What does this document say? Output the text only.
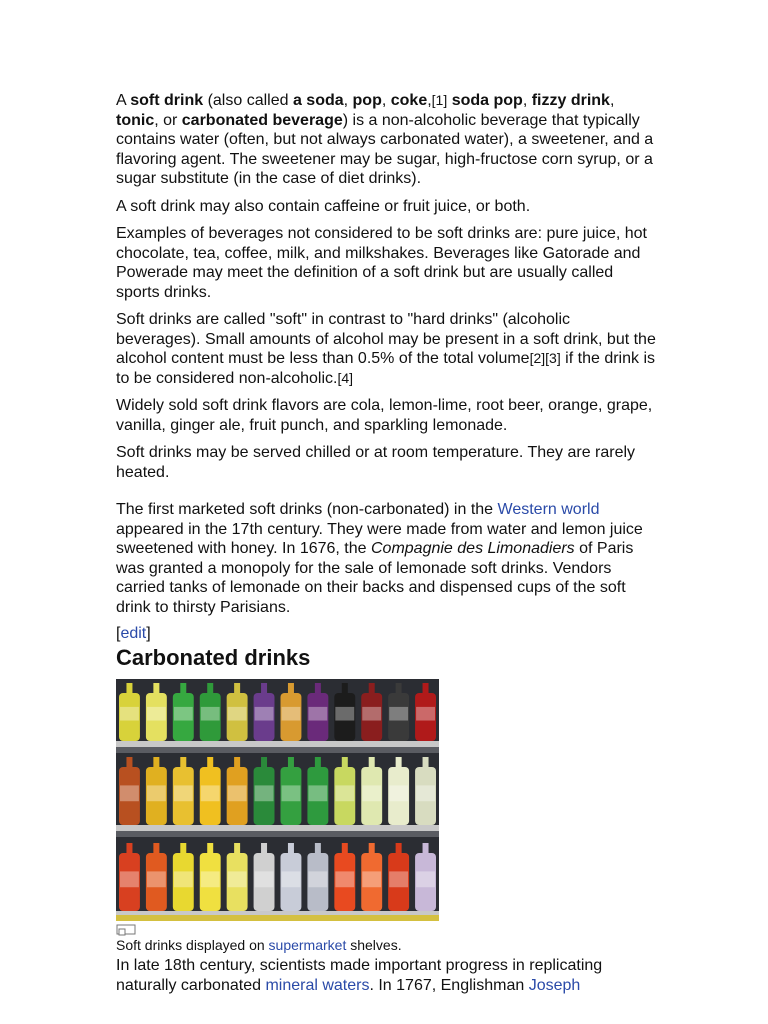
A soft drink (also called a soda, pop, coke,[1] soda pop, fizzy drink, tonic, or carbonated beverage) is a non-alcoholic beverage that typically contains water (often, but not always carbonated water), a sweetener, and a flavoring agent. The sweetener may be sugar, high-fructose corn syrup, or a sugar substitute (in the case of diet drinks).

A soft drink may also contain caffeine or fruit juice, or both.

Examples of beverages not considered to be soft drinks are: pure juice, hot chocolate, tea, coffee, milk, and milkshakes. Beverages like Gatorade and Powerade may meet the definition of a soft drink but are usually called sports drinks.

Soft drinks are called "soft" in contrast to "hard drinks" (alcoholic beverages). Small amounts of alcohol may be present in a soft drink, but the alcohol content must be less than 0.5% of the total volume[2][3] if the drink is to be considered non-alcoholic.[4]

Widely sold soft drink flavors are cola, lemon-lime, root beer, orange, grape, vanilla, ginger ale, fruit punch, and sparkling lemonade.

Soft drinks may be served chilled or at room temperature. They are rarely heated.

The first marketed soft drinks (non-carbonated) in the Western world appeared in the 17th century. They were made from water and lemon juice sweetened with honey. In 1676, the Compagnie des Limonadiers of Paris was granted a monopoly for the sale of lemonade soft drinks. Vendors carried tanks of lemonade on their backs and dispensed cups of the soft drink to thirsty Parisians.

[edit]
Carbonated drinks
Soft drinks displayed on supermarket shelves.

In late 18th century, scientists made important progress in replicating naturally carbonated mineral waters. In 1767, Englishman Joseph
